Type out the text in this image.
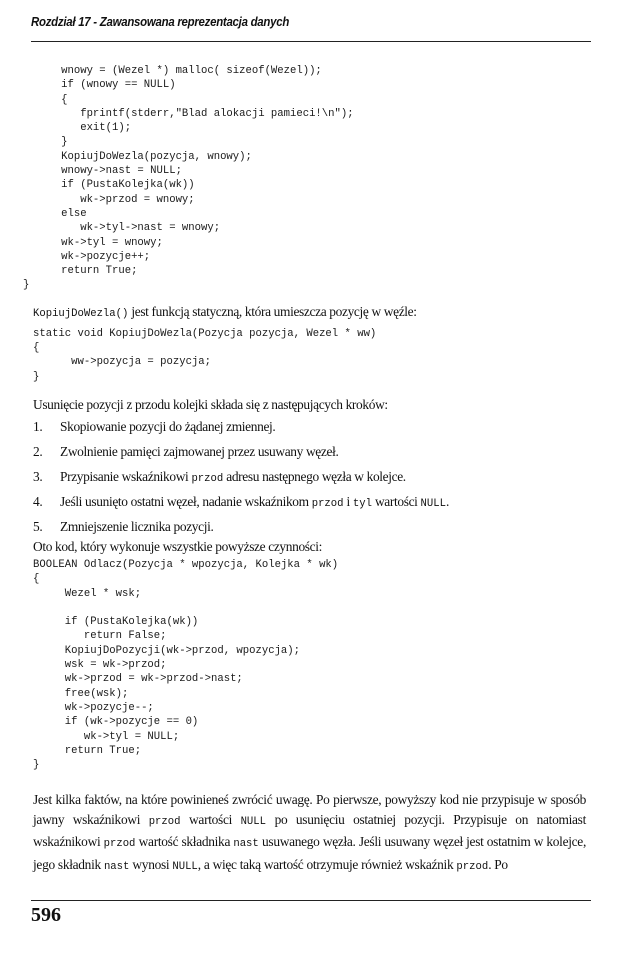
Rozdział 17 - Zawansowana reprezentacja danych
wnowy = (Wezel *) malloc( sizeof(Wezel));
if (wnowy == NULL)
{
fprintf(stderr,"Blad alokacji pamieci!\n");
exit(1);
}
KopiujDoWezla(pozycja, wnowy);
wnowy->nast = NULL;
if (PustaKolejka(wk))
wk->przod = wnowy;
else
wk->tyl->nast = wnowy;
wk->tyl = wnowy;
wk->pozycje++;
return True;
}

KopiujDoWezla() jest funkcją statyczną, która umieszcza pozycję w węźle:

static void KopiujDoWezla(Pozycja pozycja, Wezel * ww)
{
ww->pozycja = pozycja;
}

Usunięcie pozycji z przodu kolejki składa się z następujących kroków:

1. Skopiowanie pozycji do żądanej zmiennej.
2. Zwolnienie pamięci zajmowanej przez usuwany węzeł.
3. Przypisanie wskaźnikowi przod adresu następnego węzła w kolejce.
4. Jeśli usunięto ostatni węzeł, nadanie wskaźnikom przod i tyl wartości NULL.
5. Zmniejszenie licznika pozycji.

Oto kod, który wykonuje wszystkie powyższe czynności:

BOOLEAN Odlacz(Pozycja * wpozycja, Kolejka * wk)
{
Wezel * wsk;

if (PustaKolejka(wk))
return False;
KopiujDoPozycji(wk->przod, wpozycja);
wsk = wk->przod;
wk->przod = wk->przod->nast;
free(wsk);
wk->pozycje--;
if (wk->pozycje == 0)
wk->tyl = NULL;
return True;
}

Jest kilka faktów, na które powinieneś zwrócić uwagę. Po pierwsze, powyższy kod nie przypisuje w sposób jawny wskaźnikowi przod wartości NULL po usunięciu ostatniej pozycji. Przypisuje on natomiast wskaźnikowi przod wartość składnika nast usuwanego węzła. Jeśli usuwany węzeł jest ostatnim w kolejce, jego składnik nast wynosi NULL, a więc taką wartość otrzymuje również wskaźnik przod. Po

596
